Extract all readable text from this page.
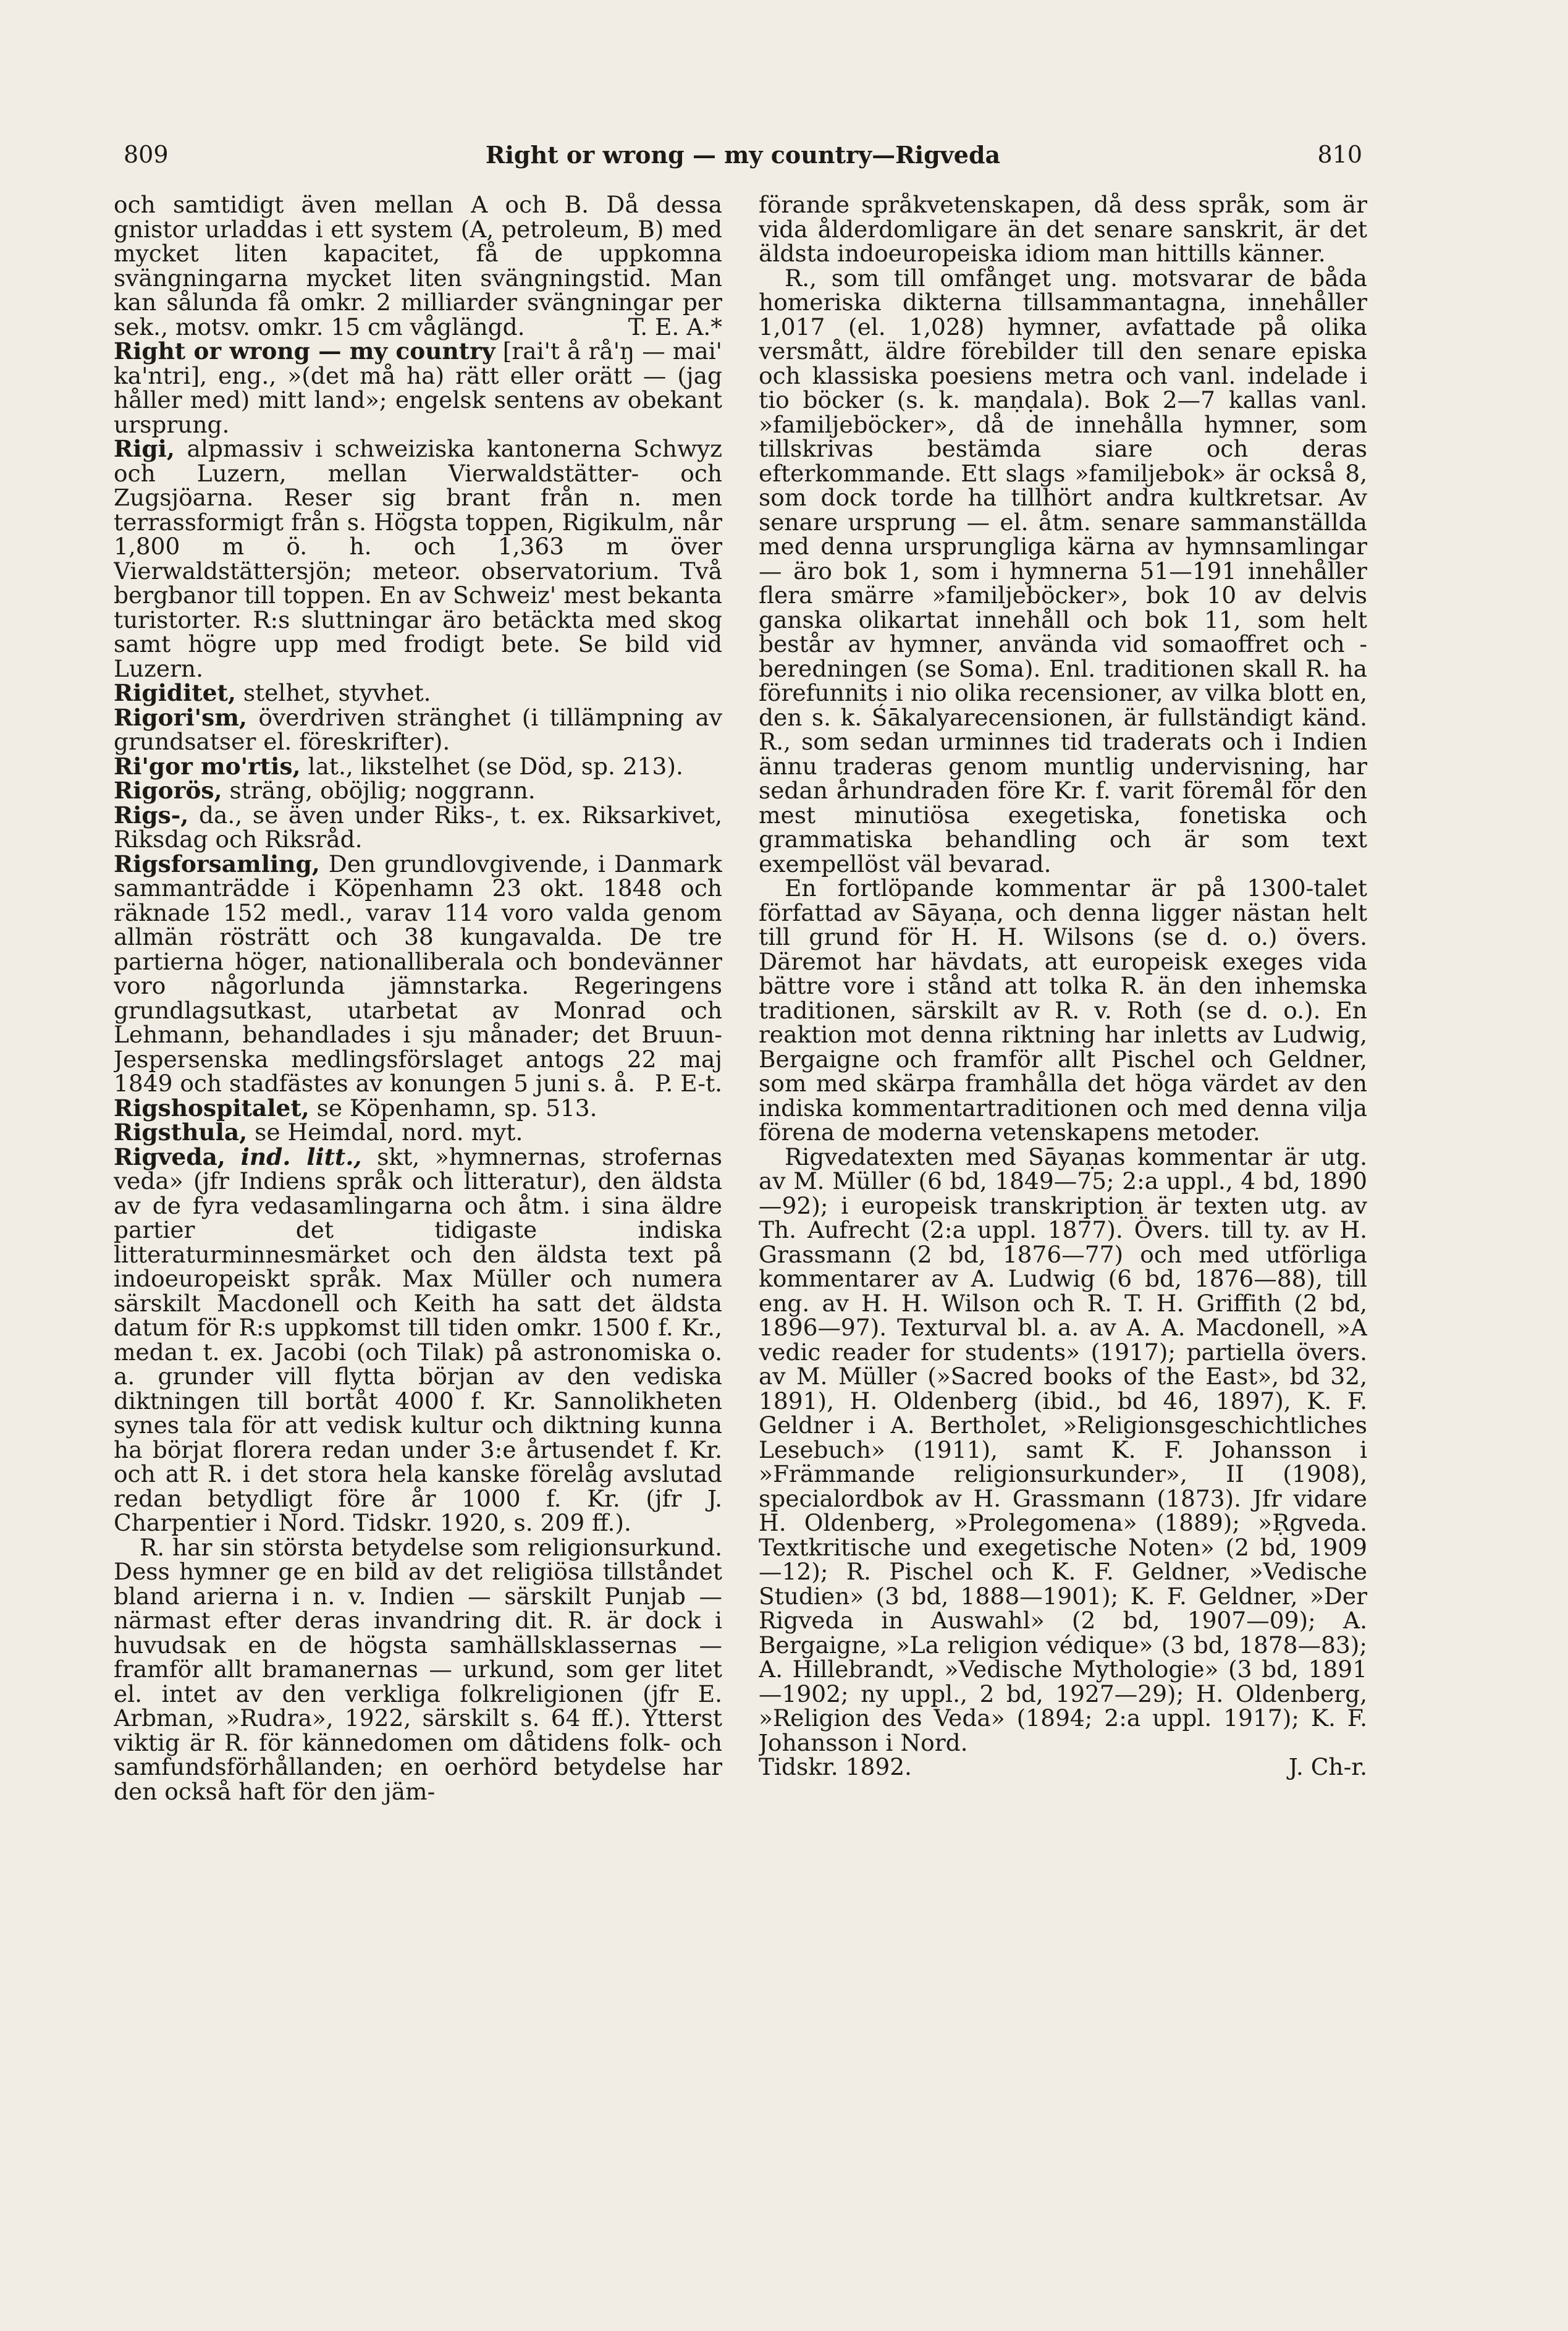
809	Right or wrong — my country—Rigveda	810

och samtidigt även mellan A och B. Då dessa gnistor urladdas i ett system (A, petroleum, B) med mycket liten kapacitet, få de uppkomna svängningarna mycket liten svängningstid. Man kan sålunda få omkr. 2 milliarder svängningar per sek., motsv. omkr. 15 cm våglängd.	T. E. A.*

Right or wrong — my country [rai't å rå'ŋ — mai' ka'ntri], eng., »(det må ha) rätt eller orätt — (jag håller med) mitt land»; engelsk sentens av obekant ursprung.

Rigi, alpmassiv i schweiziska kantonerna Schwyz och Luzern, mellan Vierwaldstätter- och Zugsjöarna. Reser sig brant från n. men terrassformigt från s. Högsta toppen, Rigikulm, når 1,800 m ö. h. och 1,363 m över Vierwaldstättersjön; meteor. observatorium. Två bergbanor till toppen. En av Schweiz' mest bekanta turistorter. R:s sluttningar äro betäckta med skog samt högre upp med frodigt bete. Se bild vid Luzern.

Rigiditet, stelhet, styvhet.

Rigori'sm, överdriven stränghet (i tillämpning av grundsatser el. föreskrifter).

Ri'gor mo'rtis, lat., likstelhet (se Död, sp. 213).

Rigorös, sträng, oböjlig; noggrann.

Rigs-, da., se även under Riks-, t. ex. Riksarkivet, Riksdag och Riksråd.

Rigsforsamling, Den grundlovgivende, i Danmark sammanträdde i Köpenhamn 23 okt. 1848 och räknade 152 medl., varav 114 voro valda genom allmän rösträtt och 38 kungavalda. De tre partierna höger, nationalliberala och bondevänner voro någorlunda jämnstarka. Regeringens grundlagsutkast, utarbetat av Monrad och Lehmann, behandlades i sju månader; det Bruun-Jespersenska medlingsförslaget antogs 22 maj 1849 och stadfästes av konungen 5 juni s. å. P. E-t.

Rigshospitalet, se Köpenhamn, sp. 513.

Rigsthula, se Heimdal, nord. myt.

Rigveda, ind. litt., skt, »hymnernas, strofernas veda» (jfr Indiens språk och litteratur), den äldsta av de fyra vedasamlingarna och åtm. i sina äldre partier det tidigaste indiska litteraturminnesmärket och den äldsta text på indoeuropeiskt språk. Max Müller och numera särskilt Macdonell och Keith ha satt det äldsta datum för R:s uppkomst till tiden omkr. 1500 f. Kr., medan t. ex. Jacobi (och Tilak) på astronomiska o. a. grunder vill flytta början av den vediska diktningen till bortåt 4000 f. Kr. Sannolikheten synes tala för att vedisk kultur och diktning kunna ha börjat florera redan under 3:e årtusendet f. Kr. och att R. i det stora hela kanske förelåg avslutad redan betydligt före år 1000 f. Kr. (jfr J. Charpentier i Nord. Tidskr. 1920, s. 209 ff.).

R. har sin största betydelse som religionsurkund. Dess hymner ge en bild av det religiösa tillståndet bland arierna i n. v. Indien — särskilt Punjab — närmast efter deras invandring dit. R. är dock i huvudsak en de högsta samhällsklassernas — framför allt bramanernas — urkund, som ger litet el. intet av den verkliga folkreligionen (jfr E. Arbman, »Rudra», 1922, särskilt s. 64 ff.). Ytterst viktig är R. för kännedomen om dåtidens folk- och samfundsförhållanden; en oerhörd betydelse har den också haft för den jäm-

förande språkvetenskapen, då dess språk, som är vida ålderdomligare än det senare sanskrit, är det äldsta indoeuropeiska idiom man hittills känner.

R., som till omfånget ung. motsvarar de båda homeriska dikterna tillsammantagna, innehåller 1,017 (el. 1,028) hymner, avfattade på olika versmått, äldre förebilder till den senare episka och klassiska poesiens metra och vanl. indelade i tio böcker (s. k. maṇḍala). Bok 2—7 kallas vanl. »familjeböcker», då de innehålla hymner, som tillskrivas bestämda siare och deras efterkommande. Ett slags »familjebok» är också 8, som dock torde ha tillhört andra kultkretsar. Av senare ursprung — el. åtm. senare sammanställda med denna ursprungliga kärna av hymnsamlingar — äro bok 1, som i hymnerna 51—191 innehåller flera smärre »familjeböcker», bok 10 av delvis ganska olikartat innehåll och bok 11, som helt består av hymner, använda vid somaoffret och -beredningen (se Soma). Enl. traditionen skall R. ha förefunnits i nio olika recensioner, av vilka blott en, den s. k. Śākalyarecensionen, är fullständigt känd. R., som sedan urminnes tid traderats och i Indien ännu traderas genom muntlig undervisning, har sedan århundraden före Kr. f. varit föremål för den mest minutiösa exegetiska, fonetiska och grammatiska behandling och är som text exempellöst väl bevarad.

En fortlöpande kommentar är på 1300-talet författad av Sāyaṇa, och denna ligger nästan helt till grund för H. H. Wilsons (se d. o.) övers. Däremot har hävdats, att europeisk exeges vida bättre vore i stånd att tolka R. än den inhemska traditionen, särskilt av R. v. Roth (se d. o.). En reaktion mot denna riktning har inletts av Ludwig, Bergaigne och framför allt Pischel och Geldner, som med skärpa framhålla det höga värdet av den indiska kommentartraditionen och med denna vilja förena de moderna vetenskapens metoder.

Rigvedatexten med Sāyaṇas kommentar är utg. av M. Müller (6 bd, 1849—75; 2:a uppl., 4 bd, 1890—92); i europeisk transkription är texten utg. av Th. Aufrecht (2:a uppl. 1877). Övers. till ty. av H. Grassmann (2 bd, 1876—77) och med utförliga kommentarer av A. Ludwig (6 bd, 1876—88), till eng. av H. H. Wilson och R. T. H. Griffith (2 bd, 1896—97). Texturval bl. a. av A. A. Macdonell, »A vedic reader for students» (1917); partiella övers. av M. Müller (»Sacred books of the East», bd 32, 1891), H. Oldenberg (ibid., bd 46, 1897), K. F. Geldner i A. Bertholet, »Religionsgeschichtliches Lesebuch» (1911), samt K. F. Johansson i »Främmande religionsurkunder», II (1908), specialordbok av H. Grassmann (1873). Jfr vidare H. Oldenberg, »Prolegomena» (1889); »Ṛgveda. Textkritische und exegetische Noten» (2 bd, 1909—12); R. Pischel och K. F. Geldner, »Vedische Studien» (3 bd, 1888—1901); K. F. Geldner, »Der Rigveda in Auswahl» (2 bd, 1907—09); A. Bergaigne, »La religion védique» (3 bd, 1878—83); A. Hillebrandt, »Vedische Mythologie» (3 bd, 1891—1902; ny uppl., 2 bd, 1927—29); H. Oldenberg, »Religion des Veda» (1894; 2:a uppl. 1917); K. F. Johansson i Nord.

Tidskr. 1892.	J. Ch-r.
